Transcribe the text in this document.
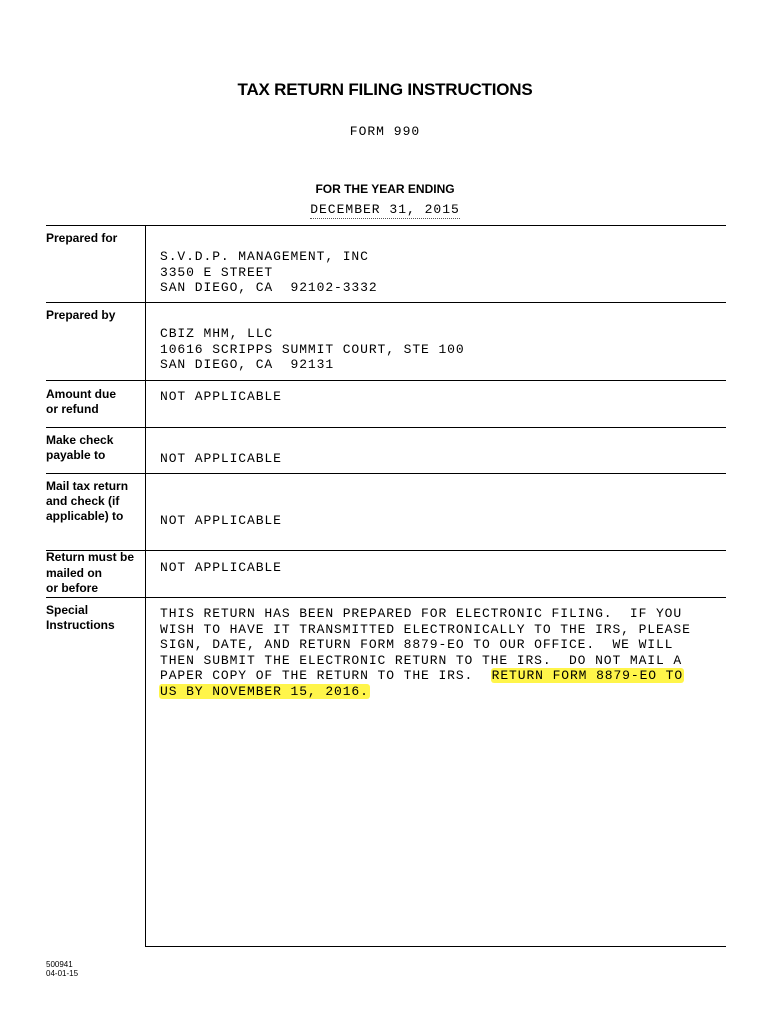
TAX RETURN FILING INSTRUCTIONS
FORM 990
FOR THE YEAR ENDING
DECEMBER 31, 2015
Prepared for
S.V.D.P. MANAGEMENT, INC
3350 E STREET
SAN DIEGO, CA  92102-3332
Prepared by
CBIZ MHM, LLC
10616 SCRIPPS SUMMIT COURT, STE 100
SAN DIEGO, CA  92131
Amount due
or refund
NOT APPLICABLE
Make check
payable to	NOT APPLICABLE
Mail tax return
and check (if
applicable) to	NOT APPLICABLE
Return must be
mailed on
or before
NOT APPLICABLE
Special
Instructions
THIS RETURN HAS BEEN PREPARED FOR ELECTRONIC FILING.  IF YOU
WISH TO HAVE IT TRANSMITTED ELECTRONICALLY TO THE IRS, PLEASE
SIGN, DATE, AND RETURN FORM 8879-EO TO OUR OFFICE.  WE WILL
THEN SUBMIT THE ELECTRONIC RETURN TO THE IRS.  DO NOT MAIL A
PAPER COPY OF THE RETURN TO THE IRS.  RETURN FORM 8879-EO TO
US BY NOVEMBER 15, 2016.
500941
04-01-15
